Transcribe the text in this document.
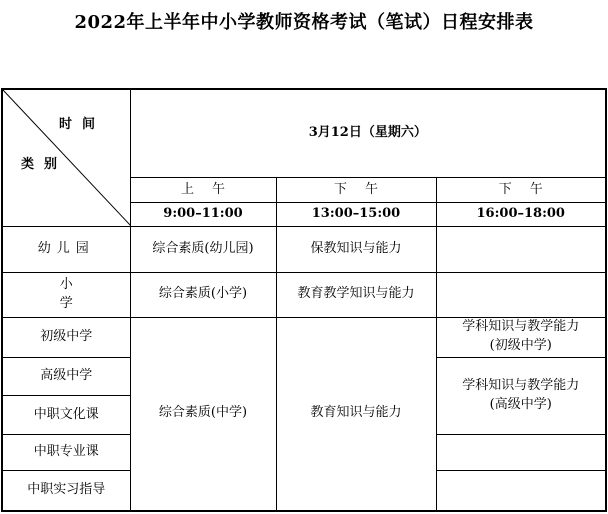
2022年上半年中小学教师资格考试（笔试）日程安排表
时间
类别	3月12日（星期六）		
	上午	下午	下午
	9:00–11:00	13:00–15:00	16:00–18:00
幼儿园	综合素质(幼儿园)	保教知识与能力	
小学	综合素质(小学)	教育教学知识与能力	
初级中学	综合素质(中学)	教育知识与能力	学科知识与教学能力
(初级中学)

高级中学			学科知识与教学能力
(高级中学)

中职文化课			
中职专业课			
中职实习指导			
